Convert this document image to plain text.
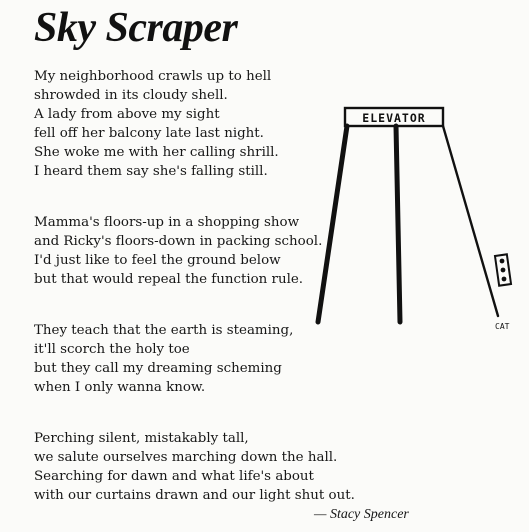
Sky Scraper
My neighborhood crawls up to hell
shrowded in its cloudy shell.
A lady from above my sight
fell off her balcony late last night.
She woke me with her calling shrill.
I heard them say she's falling still.
Mamma's floors-up in a shopping show
and Ricky's floors-down in packing school.
I'd just like to feel the ground below
but that would repeal the function rule.
They teach that the earth is steaming,
it'll scorch the holy toe
but they call my dreaming scheming
when I only wanna know.
Perching silent, mistakably tall,
we salute ourselves marching down the hall.
Searching for dawn and what life's about
with our curtains drawn and our light shut out.
— Stacy Spencer
ELEVATOR
CAT
